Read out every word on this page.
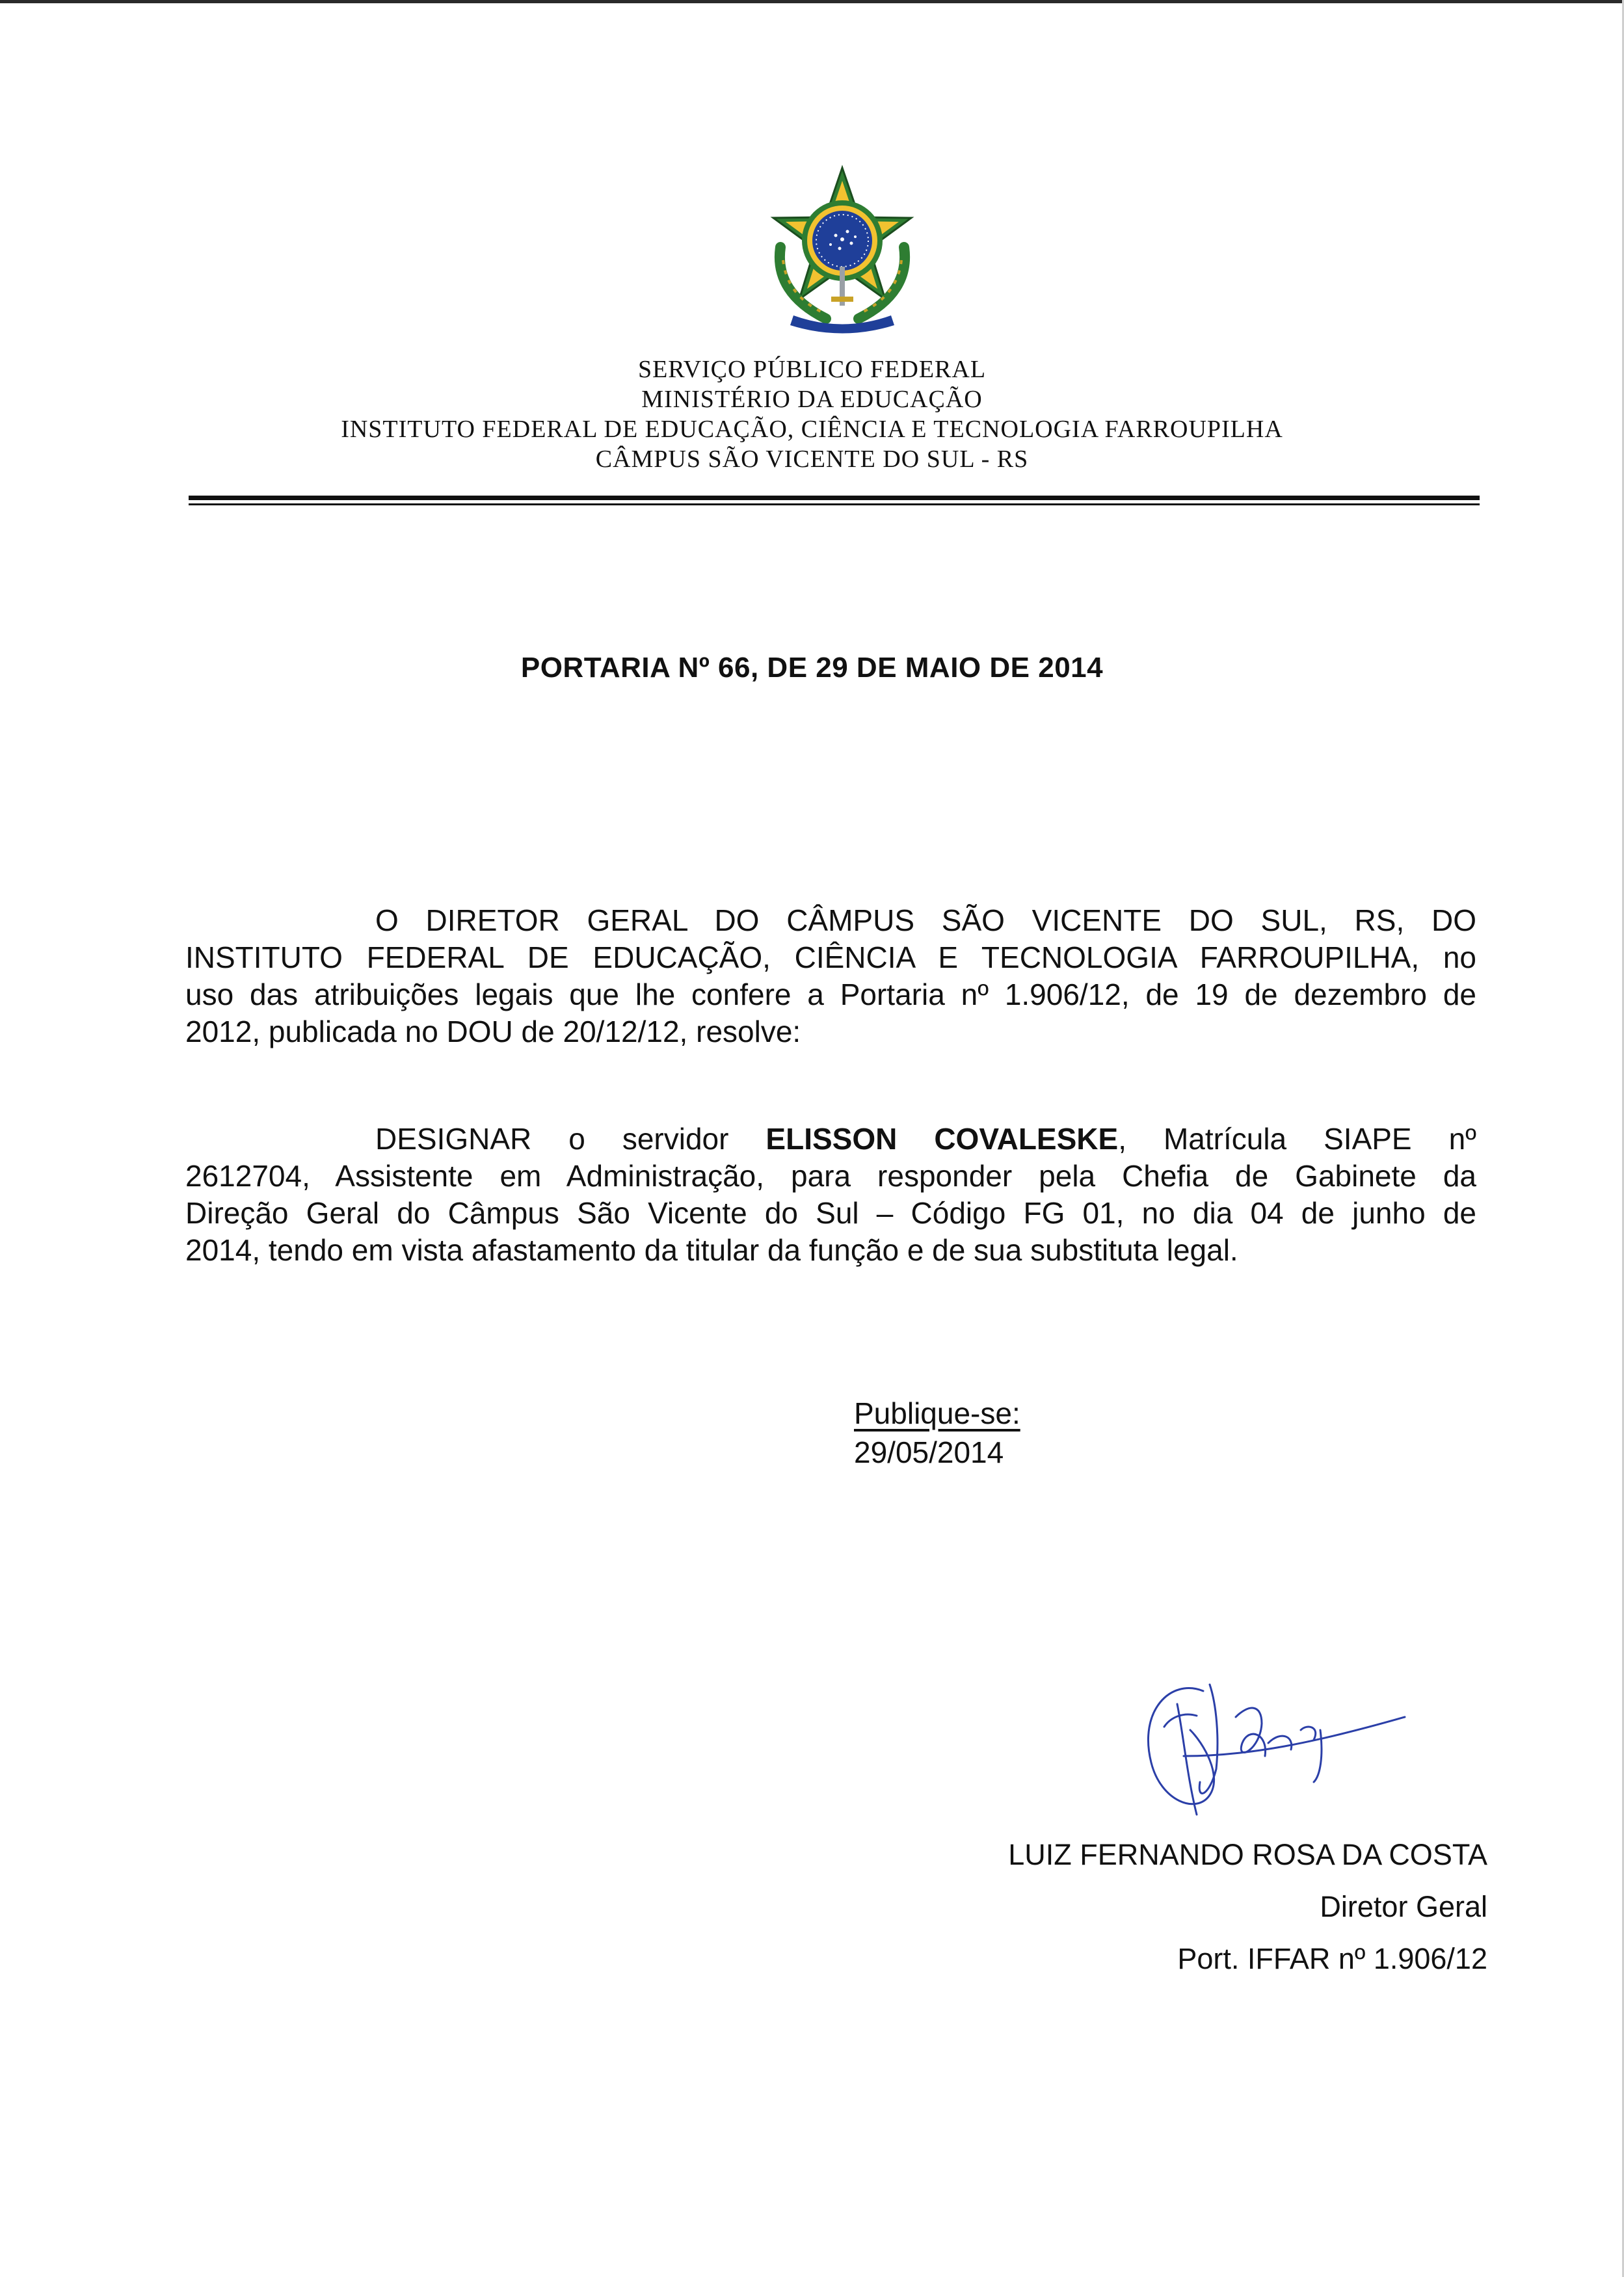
SERVIÇO PÚBLICO FEDERAL
MINISTÉRIO DA EDUCAÇÃO
INSTITUTO FEDERAL DE EDUCAÇÃO, CIÊNCIA E TECNOLOGIA FARROUPILHA
CÂMPUS SÃO VICENTE DO SUL - RS
PORTARIA Nº 66, DE 29 DE MAIO DE 2014
O DIRETOR GERAL DO CÂMPUS SÃO VICENTE DO SUL, RS, DO
INSTITUTO FEDERAL DE EDUCAÇÃO, CIÊNCIA E TECNOLOGIA FARROUPILHA, no
uso das atribuições legais que lhe confere a Portaria nº 1.906/12, de 19 de dezembro de
2012, publicada no DOU de 20/12/12, resolve:
DESIGNAR o servidor ELISSON COVALESKE, Matrícula SIAPE nº
2612704, Assistente em Administração, para responder pela Chefia de Gabinete da
Direção Geral do Câmpus São Vicente do Sul – Código FG 01, no dia 04 de junho de
2014, tendo em vista afastamento da titular da função e de sua substituta legal.
Publique-se:
29/05/2014
LUIZ FERNANDO ROSA DA COSTA
Diretor Geral
Port. IFFAR nº 1.906/12
